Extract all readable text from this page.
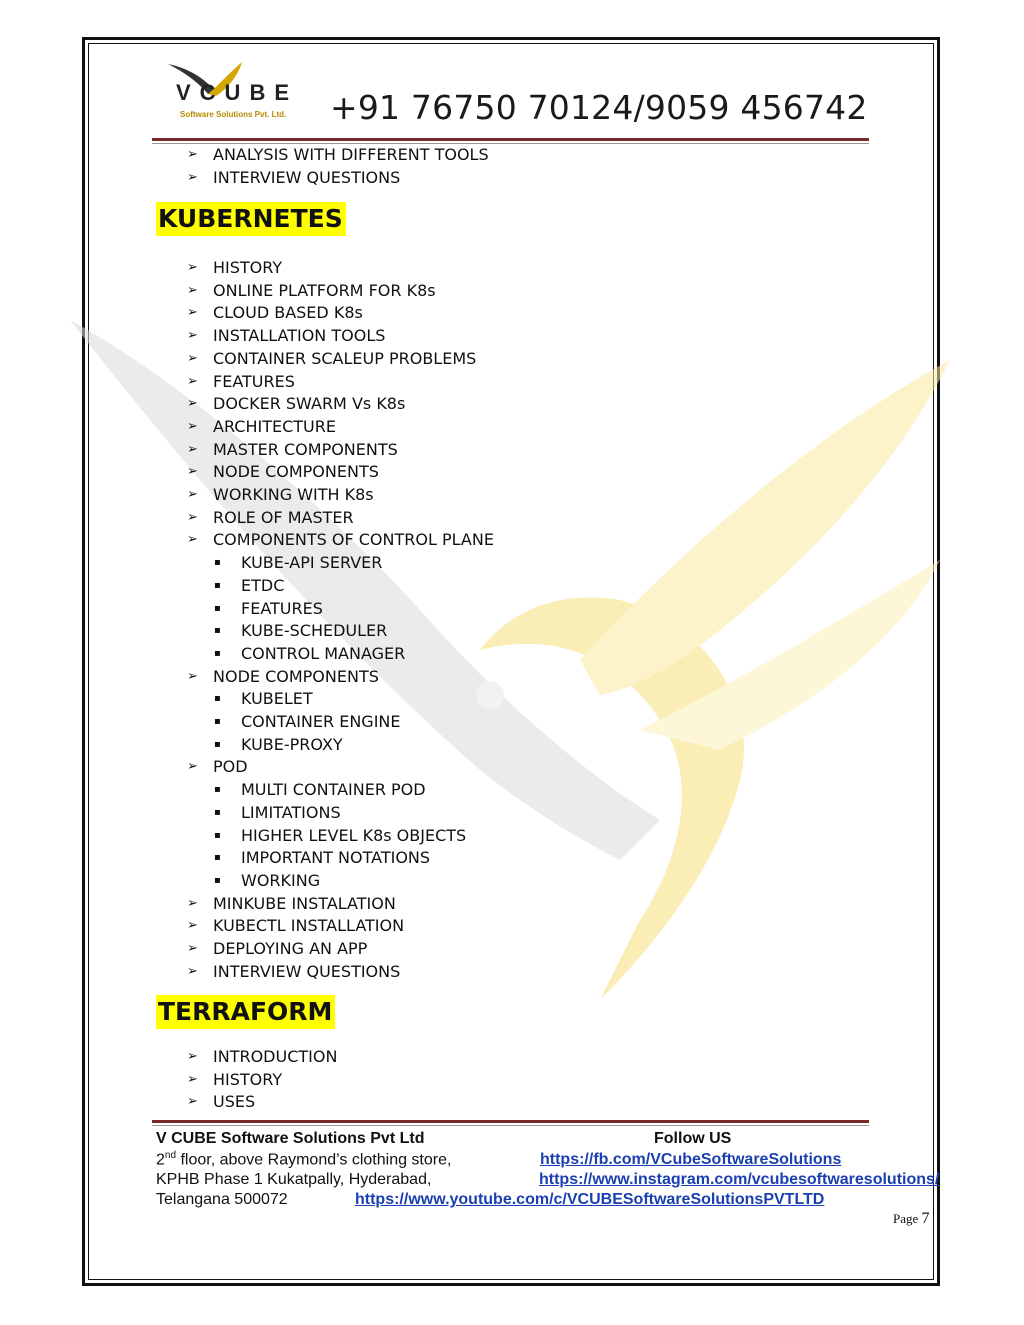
VCUBE
Software Solutions Pvt. Ltd. +91 76750 70124/9059 456742
➢ ANALYSIS WITH DIFFERENT TOOLS
➢ INTERVIEW QUESTIONS
KUBERNETES
➢ HISTORY
➢ ONLINE PLATFORM FOR K8s
➢ CLOUD BASED K8s
➢ INSTALLATION TOOLS
➢ CONTAINER SCALEUP PROBLEMS
➢ FEATURES
➢ DOCKER SWARM Vs K8s
➢ ARCHITECTURE
➢ MASTER COMPONENTS
➢ NODE COMPONENTS
➢ WORKING WITH K8s
➢ ROLE OF MASTER
➢ COMPONENTS OF CONTROL PLANE
▪ KUBE-API SERVER
▪ ETDC
▪ FEATURES
▪ KUBE-SCHEDULER
▪ CONTROL MANAGER
➢ NODE COMPONENTS
▪ KUBELET
▪ CONTAINER ENGINE
▪ KUBE-PROXY
➢ POD
▪ MULTI CONTAINER POD
▪ LIMITATIONS
▪ HIGHER LEVEL K8s OBJECTS
▪ IMPORTANT NOTATIONS
▪ WORKING
➢ MINKUBE INSTALATION
➢ KUBECTL INSTALLATION
➢ DEPLOYING AN APP
➢ INTERVIEW QUESTIONS
TERRAFORM
➢ INTRODUCTION
➢ HISTORY
➢ USES
V CUBE Software Solutions Pvt Ltd
2nd floor, above Raymond’s clothing store,
KPHB Phase 1 Kukatpally, Hyderabad,
Telangana 500072
Follow US
https://fb.com/VCubeSoftwareSolutions
https://www.instagram.com/vcubesoftwaresolutions/
https://www.youtube.com/c/VCUBESoftwareSolutionsPVTLTD
Page 7
